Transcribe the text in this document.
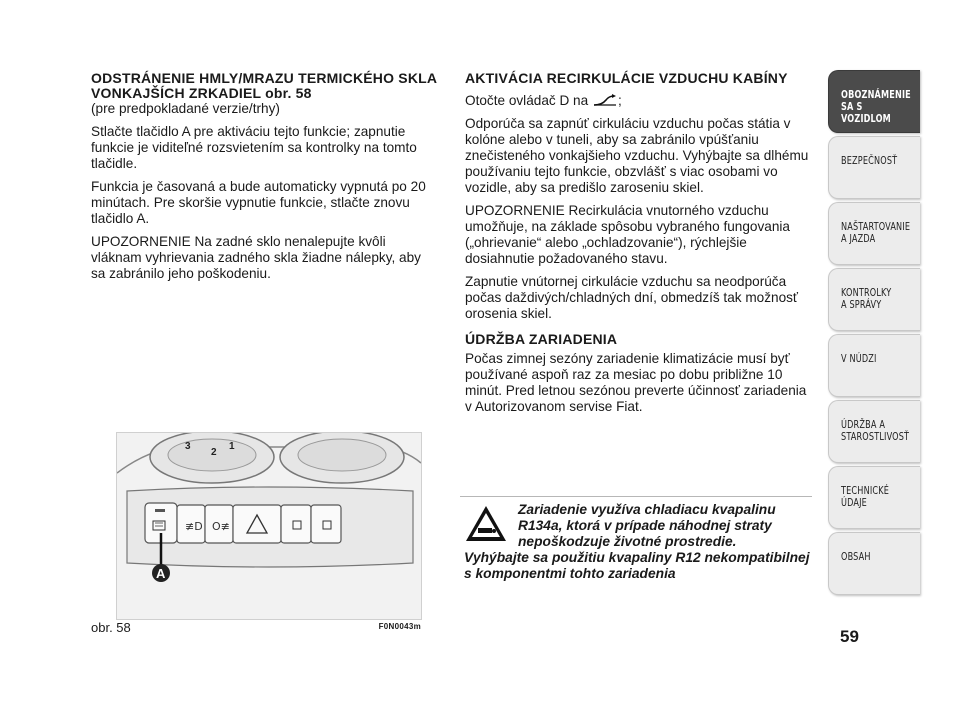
ODSTRÁNENIE HMLY/MRAZU TERMICKÉHO SKLA VONKAJŠÍCH ZRKADIEL obr. 58

(pre predpokladané verzie/trhy)

Stlačte tlačidlo A pre aktiváciu tejto funkcie; zapnutie funkcie je viditeľné rozsvietením sa kontrolky na tomto tlačidle.

Funkcia je časovaná a bude automaticky vypnutá po 20 minútach. Pre skoršie vypnutie funkcie, stlačte znovu tlačidlo A.

UPOZORNENIE Na zadné sklo nenalepujte kvôli vláknam vyhrievania zadného skla žiadne nálepky, aby sa zabránilo jeho poškodeniu.

AKTIVÁCIA RECIRKULÁCIE VZDUCHU KABÍNY

Otočte ovládač D na ;

Odporúča sa zapnúť cirkuláciu vzduchu počas státia v kolóne alebo v tuneli, aby sa zabránilo vpúšťaniu znečisteného vonkajšieho vzduchu. Vyhýbajte sa dlhému používaniu tejto funkcie, obzvlášť s viac osobami vo vozidle, aby sa predišlo zaroseniu skiel.

UPOZORNENIE Recirkulácia vnutorného vzduchu umožňuje, na základe spôsobu vybraného fungovania („ohrievanie“ alebo „ochladzovanie“), rýchlejšie dosiahnutie požadovaného stavu.

Zapnutie vnútornej cirkulácie vzduchu sa neodporúča počas daždivých/chladných dní, obmedzíš tak možnosť orosenia skiel.

ÚDRŽBA ZARIADENIA

Počas zimnej sezóny zariadenie klimatizácie musí byť používané aspoň raz za mesiac po dobu približne 10 minút. Pred letnou sezónou preverte účinnosť zariadenia v Autorizovanom servise Fiat.

3
2
1
≢D O≢
A
obr. 58	F0N0043m

Zariadenie využíva chladiacu kvapalinu R134a, ktorá v prípade náhodnej straty nepoškodzuje životné prostredie.

Vyhýbajte sa použitiu kvapaliny R12 nekompatibilnej s komponentmi tohto zariadenia

OBOZNÁMENIE
SA S VOZIDLOM
BEZPEČNOSŤ
NAŠTARTOVANIE
A JAZDA
KONTROLKY
A SPRÁVY
V NÚDZI
ÚDRŽBA A
STAROSTLIVOSŤ
TECHNICKÉ
ÚDAJE
OBSAH
59
